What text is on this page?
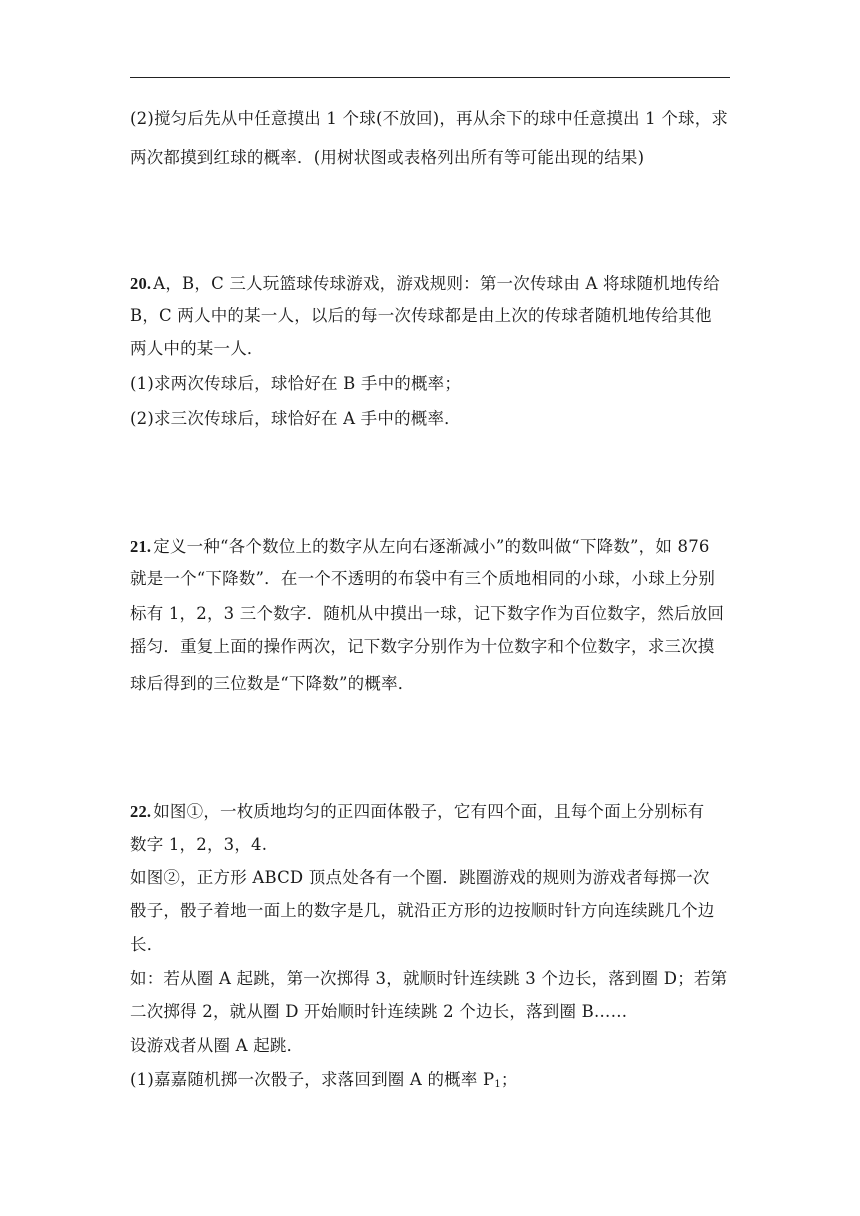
(2)搅匀后先从中任意摸出 1 个球(不放回)，再从余下的球中任意摸出 1 个球，求
两次都摸到红球的概率．(用树状图或表格列出所有等可能出现的结果)
20. A，B，C 三人玩篮球传球游戏，游戏规则：第一次传球由 A 将球随机地传给
B，C 两人中的某一人，以后的每一次传球都是由上次的传球者随机地传给其他
两人中的某一人．
(1)求两次传球后，球恰好在 B 手中的概率；
(2)求三次传球后，球恰好在 A 手中的概率．
21. 定义一种“各个数位上的数字从左向右逐渐减小”的数叫做“下降数”，如 876
就是一个“下降数”．在一个不透明的布袋中有三个质地相同的小球，小球上分别
标有 1，2，3 三个数字．随机从中摸出一球，记下数字作为百位数字，然后放回
摇匀．重复上面的操作两次，记下数字分别作为十位数字和个位数字，求三次摸
球后得到的三位数是“下降数”的概率．
22. 如图①，一枚质地均匀的正四面体骰子，它有四个面，且每个面上分别标有
数字 1，2，3，4.
如图②，正方形 ABCD 顶点处各有一个圈．跳圈游戏的规则为游戏者每掷一次
骰子，骰子着地一面上的数字是几，就沿正方形的边按顺时针方向连续跳几个边
长．
如：若从圈 A 起跳，第一次掷得 3，就顺时针连续跳 3 个边长，落到圈 D；若第
二次掷得 2，就从圈 D 开始顺时针连续跳 2 个边长，落到圈 B……
设游戏者从圈 A 起跳．
(1)嘉嘉随机掷一次骰子，求落回到圈 A 的概率 $P_1$；
